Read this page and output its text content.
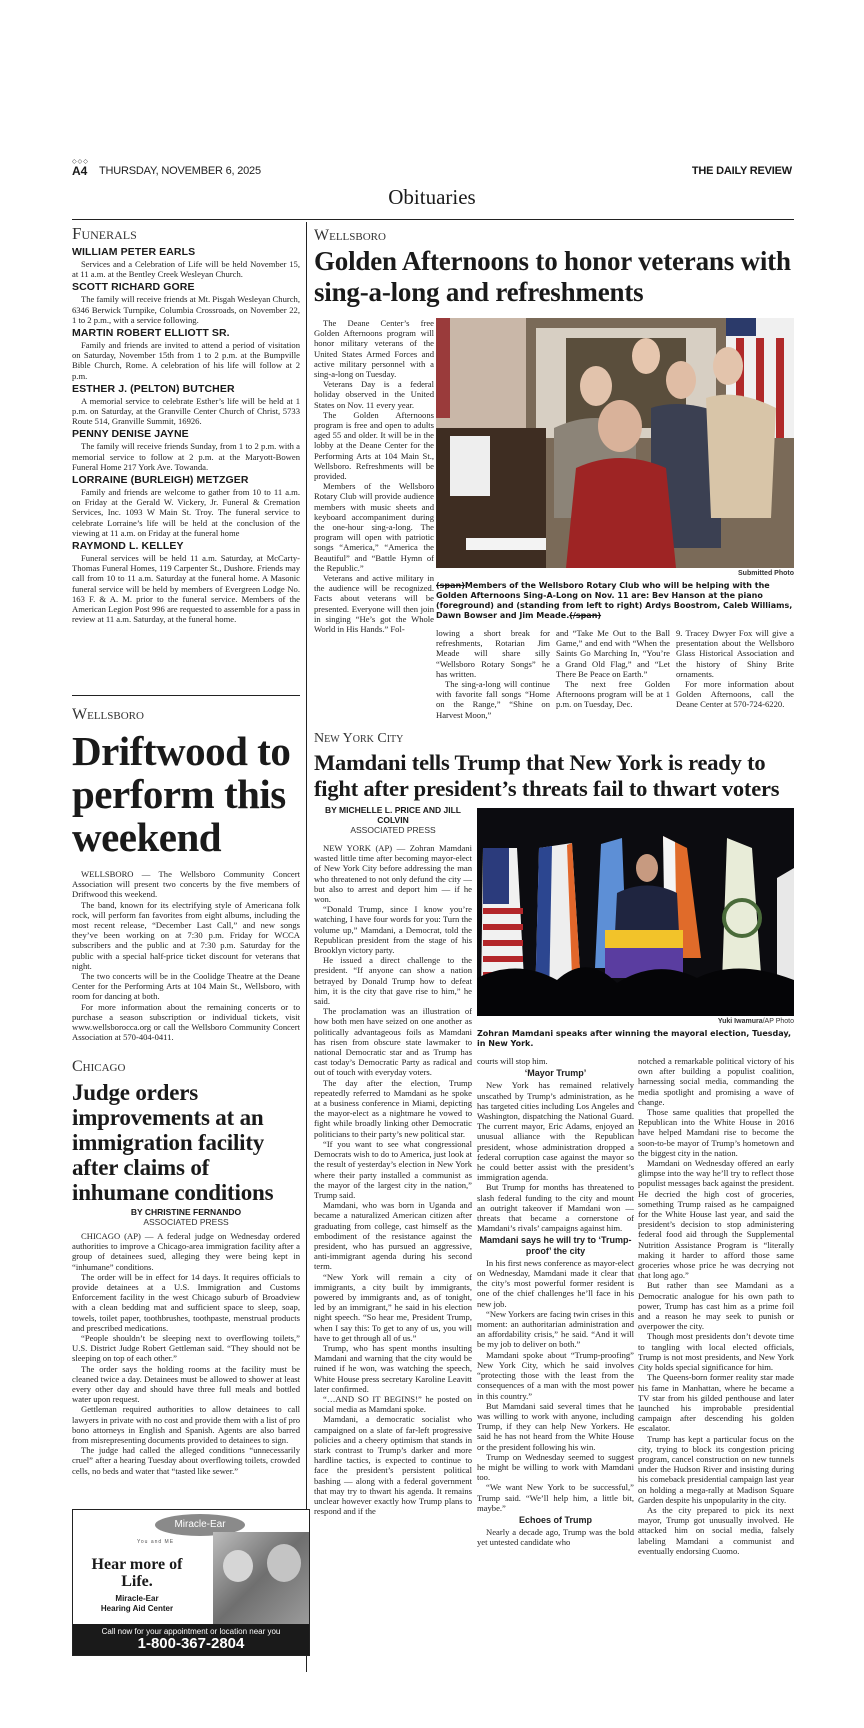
◇◇◇
A4 THURSDAY, NOVEMBER 6, 2025	THE DAILY REVIEW
Obituaries
Funerals
WILLIAM PETER EARLS

Services and a Celebration of Life will be held November 15, at 11 a.m. at the Bentley Creek Wesleyan Church.

SCOTT RICHARD GORE

The family will receive friends at Mt. Pisgah Wesleyan Church, 6346 Berwick Turnpike, Columbia Crossroads, on November 22, 1 to 2 p.m., with a service following.

MARTIN ROBERT ELLIOTT SR.

Family and friends are invited to attend a period of visitation on Saturday, November 15th from 1 to 2 p.m. at the Bumpville Bible Church, Rome. A celebration of his life will follow at 2 p.m.

ESTHER J. (PELTON) BUTCHER

A memorial service to celebrate Esther’s life will be held at 1 p.m. on Saturday, at the Granville Center Church of Christ, 5733 Route 514, Granville Summit, 16926.

PENNY DENISE JAYNE

The family will receive friends Sunday, from 1 to 2 p.m. with a memorial service to follow at 2 p.m. at the Maryott-Bowen Funeral Home 217 York Ave. Towanda.

LORRAINE (BURLEIGH) METZGER

Family and friends are welcome to gather from 10 to 11 a.m. on Friday at the Gerald W. Vickery, Jr. Funeral & Cremation Services, Inc. 1093 W Main St. Troy. The funeral service to celebrate Lorraine’s life will be held at the conclusion of the viewing at 11 a.m. on Friday at the funeral home

RAYMOND L. KELLEY

Funeral services will be held 11 a.m. Saturday, at McCarty-Thomas Funeral Homes, 119 Carpenter St., Dushore. Friends may call from 10 to 11 a.m. Saturday at the funeral home. A Masonic funeral service will be held by members of Evergreen Lodge No. 163 F. & A. M. prior to the funeral service. Members of the American Legion Post 996 are requested to assemble for a pass in review at 11 a.m. Saturday, at the funeral home.

Wellsboro
Driftwood to perform this weekend

WELLSBORO — The Wellsboro Community Concert Association will present two concerts by the five members of Driftwood this weekend.

The band, known for its electrifying style of Americana folk rock, will perform fan favorites from eight albums, including the most recent release, “December Last Call,” and new songs they’ve been working on at 7:30 p.m. Friday for WCCA subscribers and the public and at 7:30 p.m. Saturday for the public with a special half-price ticket discount for veterans that night.

The two concerts will be in the Coolidge Theatre at the Deane Center for the Performing Arts at 104 Main St., Wellsboro, with room for dancing at both.

For more information about the remaining concerts or to purchase a season subscription or individual tickets, visit www.wellsborocca.org or call the Wellsboro Community Concert Association at 570-404-0411.

Chicago
Judge orders improvements at an immigration facility after claims of inhumane conditions
BY CHRISTINE FERNANDO
ASSOCIATED PRESS

CHICAGO (AP) — A federal judge on Wednesday ordered authorities to improve a Chicago-area immigration facility after a group of detainees sued, alleging they were being kept in “inhumane” conditions.

The order will be in effect for 14 days. It requires officials to provide detainees at a U.S. Immigration and Customs Enforcement facility in the west Chicago suburb of Broadview with a clean bedding mat and sufficient space to sleep, soap, towels, toilet paper, toothbrushes, toothpaste, menstrual products and prescribed medications.

“People shouldn’t be sleeping next to overflowing toilets,” U.S. District Judge Robert Gettleman said. “They should not be sleeping on top of each other.”

The order says the holding rooms at the facility must be cleaned twice a day. Detainees must be allowed to shower at least every other day and should have three full meals and bottled water upon request.

Gettleman required authorities to allow detainees to call lawyers in private with no cost and provide them with a list of pro bono attorneys in English and Spanish. Agents are also barred from misrepresenting documents provided to detainees to sign.

The judge had called the alleged conditions “unnecessarily cruel” after a hearing Tuesday about overflowing toilets, crowded cells, no beds and water that “tasted like sewer.”

Miracle-Ear
You and ME
Hear more of Life.
Miracle-Ear
Hearing Aid Center
Call now for your appointment or location near you
1-800-367-2804
Wellsboro
Golden Afternoons to honor veterans with sing-a-long and refreshments

The Deane Center’s free Golden Afternoons program will honor military veterans of the United States Armed Forces and active military personnel with a sing-a-long on Tuesday.

Veterans Day is a federal holiday observed in the United States on Nov. 11 every year.

The Golden Afternoons program is free and open to adults aged 55 and older. It will be in the lobby at the Deane Center for the Performing Arts at 104 Main St., Wellsboro. Refreshments will be provided.

Members of the Wellsboro Rotary Club will provide audience members with music sheets and keyboard accompaniment during the one-hour sing-a-long. The program will open with patriotic songs “America,” “America the Beautiful” and “Battle Hymn of the Republic.”

Veterans and active military in the audience will be recognized. Facts about veterans will be presented. Everyone will then join in singing “He’s got the Whole World in His Hands.” Fol-

Submitted Photo
(span)Members of the Wellsboro Rotary Club who will be helping with the Golden Afternoons Sing-A-Long on Nov. 11 are: Bev Hanson at the piano (foreground) and (standing from left to right) Ardys Boostrom, Caleb Williams, Dawn Bowser and Jim Meade.(/span)

lowing a short break for refreshments, Rotarian Jim Meade will share silly “Wellsboro Rotary Songs” he has written.

The sing-a-long will continue with favorite fall songs “Home on the Range,” “Shine on Harvest Moon,”

and “Take Me Out to the Ball Game,” and end with “When the Saints Go Marching In, “You’re a Grand Old Flag,” and “Let There Be Peace on Earth.”

The next free Golden Afternoons program will be at 1 p.m. on Tuesday, Dec.

9. Tracey Dwyer Fox will give a presentation about the Wellsboro Glass Historical Association and the history of Shiny Brite ornaments.

For more information about Golden Afternoons, call the Deane Center at 570-724-6220.

New York City
Mamdani tells Trump that New York is ready to fight after president’s threats fail to thwart voters
BY MICHELLE L. PRICE AND JILL COLVIN
ASSOCIATED PRESS

NEW YORK (AP) — Zohran Mamdani wasted little time after becoming mayor-elect of New York City before addressing the man who threatened to not only defund the city — but also to arrest and deport him — if he won.

“Donald Trump, since I know you’re watching, I have four words for you: Turn the volume up,” Mamdani, a Democrat, told the Republican president from the stage of his Brooklyn victory party.

He issued a direct challenge to the president. “If anyone can show a nation betrayed by Donald Trump how to defeat him, it is the city that gave rise to him,” he said.

The proclamation was an illustration of how both men have seized on one another as politically advantageous foils as Mamdani has risen from obscure state lawmaker to national Democratic star and as Trump has cast today’s Democratic Party as radical and out of touch with everyday voters.

The day after the election, Trump repeatedly referred to Mamdani as he spoke at a business conference in Miami, depicting the mayor-elect as a nightmare he vowed to fight while broadly linking other Democratic politicians to their party’s new political star.

“If you want to see what congressional Democrats wish to do to America, just look at the result of yesterday’s election in New York where their party installed a communist as the mayor of the largest city in the nation,” Trump said.

Mamdani, who was born in Uganda and became a naturalized American citizen after graduating from college, cast himself as the embodiment of the resistance against the president, who has pursued an aggressive, anti-immigrant agenda during his second term.

“New York will remain a city of immigrants, a city built by immigrants, powered by immigrants and, as of tonight, led by an immigrant,” he said in his election night speech. “So hear me, President Trump, when I say this: To get to any of us, you will have to get through all of us.”

Trump, who has spent months insulting Mamdani and warning that the city would be ruined if he won, was watching the speech, White House press secretary Karoline Leavitt later confirmed.

“…AND SO IT BEGINS!” he posted on social media as Mamdani spoke.

Mamdani, a democratic socialist who campaigned on a slate of far-left progressive policies and a cheery optimism that stands in stark contrast to Trump’s darker and more hardline tactics, is expected to continue to face the president’s persistent political bashing — along with a federal government that may try to thwart his agenda. It remains unclear however exactly how Trump plans to respond and if the

Yuki Iwamura/AP Photo
Zohran Mamdani speaks after winning the mayoral election, Tuesday, in New York.

courts will stop him.

‘Mayor Trump’

New York has remained relatively unscathed by Trump’s administration, as he has targeted cities including Los Angeles and Washington, dispatching the National Guard. The current mayor, Eric Adams, enjoyed an unusual alliance with the Republican president, whose administration dropped a federal corruption case against the mayor so he could better assist with the president’s immigration agenda.

But Trump for months has threatened to slash federal funding to the city and mount an outright takeover if Mamdani won — threats that became a cornerstone of Mamdani’s rivals’ campaigns against him.

Mamdani says he will try to ‘Trump-proof’ the city

In his first news conference as mayor-elect on Wednesday, Mamdani made it clear that the city’s most powerful former resident is one of the chief challenges he’ll face in his new job.

“New Yorkers are facing twin crises in this moment: an authoritarian administration and an affordability crisis,” he said. “And it will be my job to deliver on both.”

Mamdani spoke about “Trump-proofing” New York City, which he said involves “protecting those with the least from the consequences of a man with the most power in this country.”

But Mamdani said several times that he was willing to work with anyone, including Trump, if they can help New Yorkers. He said he has not heard from the White House or the president following his win.

Trump on Wednesday seemed to suggest he might be willing to work with Mamdani too.

“We want New York to be successful,” Trump said. “We’ll help him, a little bit, maybe.”

Echoes of Trump

Nearly a decade ago, Trump was the bold yet untested candidate who

notched a remarkable political victory of his own after building a populist coalition, harnessing social media, commanding the media spotlight and promising a wave of change.

Those same qualities that propelled the Republican into the White House in 2016 have helped Mamdani rise to become the soon-to-be mayor of Trump’s hometown and the biggest city in the nation.

Mamdani on Wednesday offered an early glimpse into the way he’ll try to reflect those populist messages back against the president. He decried the high cost of groceries, something Trump raised as he campaigned for the White House last year, and said the president’s decision to stop administering federal food aid through the Supplemental Nutrition Assistance Program is “literally making it harder to afford those same groceries whose price he was decrying not that long ago.”

But rather than see Mamdani as a Democratic analogue for his own path to power, Trump has cast him as a prime foil and a reason he may seek to punish or overpower the city.

Though most presidents don’t devote time to tangling with local elected officials, Trump is not most presidents, and New York City holds special significance for him.

The Queens-born former reality star made his fame in Manhattan, where he became a TV star from his gilded penthouse and later launched his improbable presidential campaign after descending his golden escalator.

Trump has kept a particular focus on the city, trying to block its congestion pricing program, cancel construction on new tunnels under the Hudson River and insisting during his comeback presidential campaign last year on holding a mega-rally at Madison Square Garden despite his unpopularity in the city.

As the city prepared to pick its next mayor, Trump got unusually involved. He attacked him on social media, falsely labeling Mamdani a communist and eventually endorsing Cuomo.
